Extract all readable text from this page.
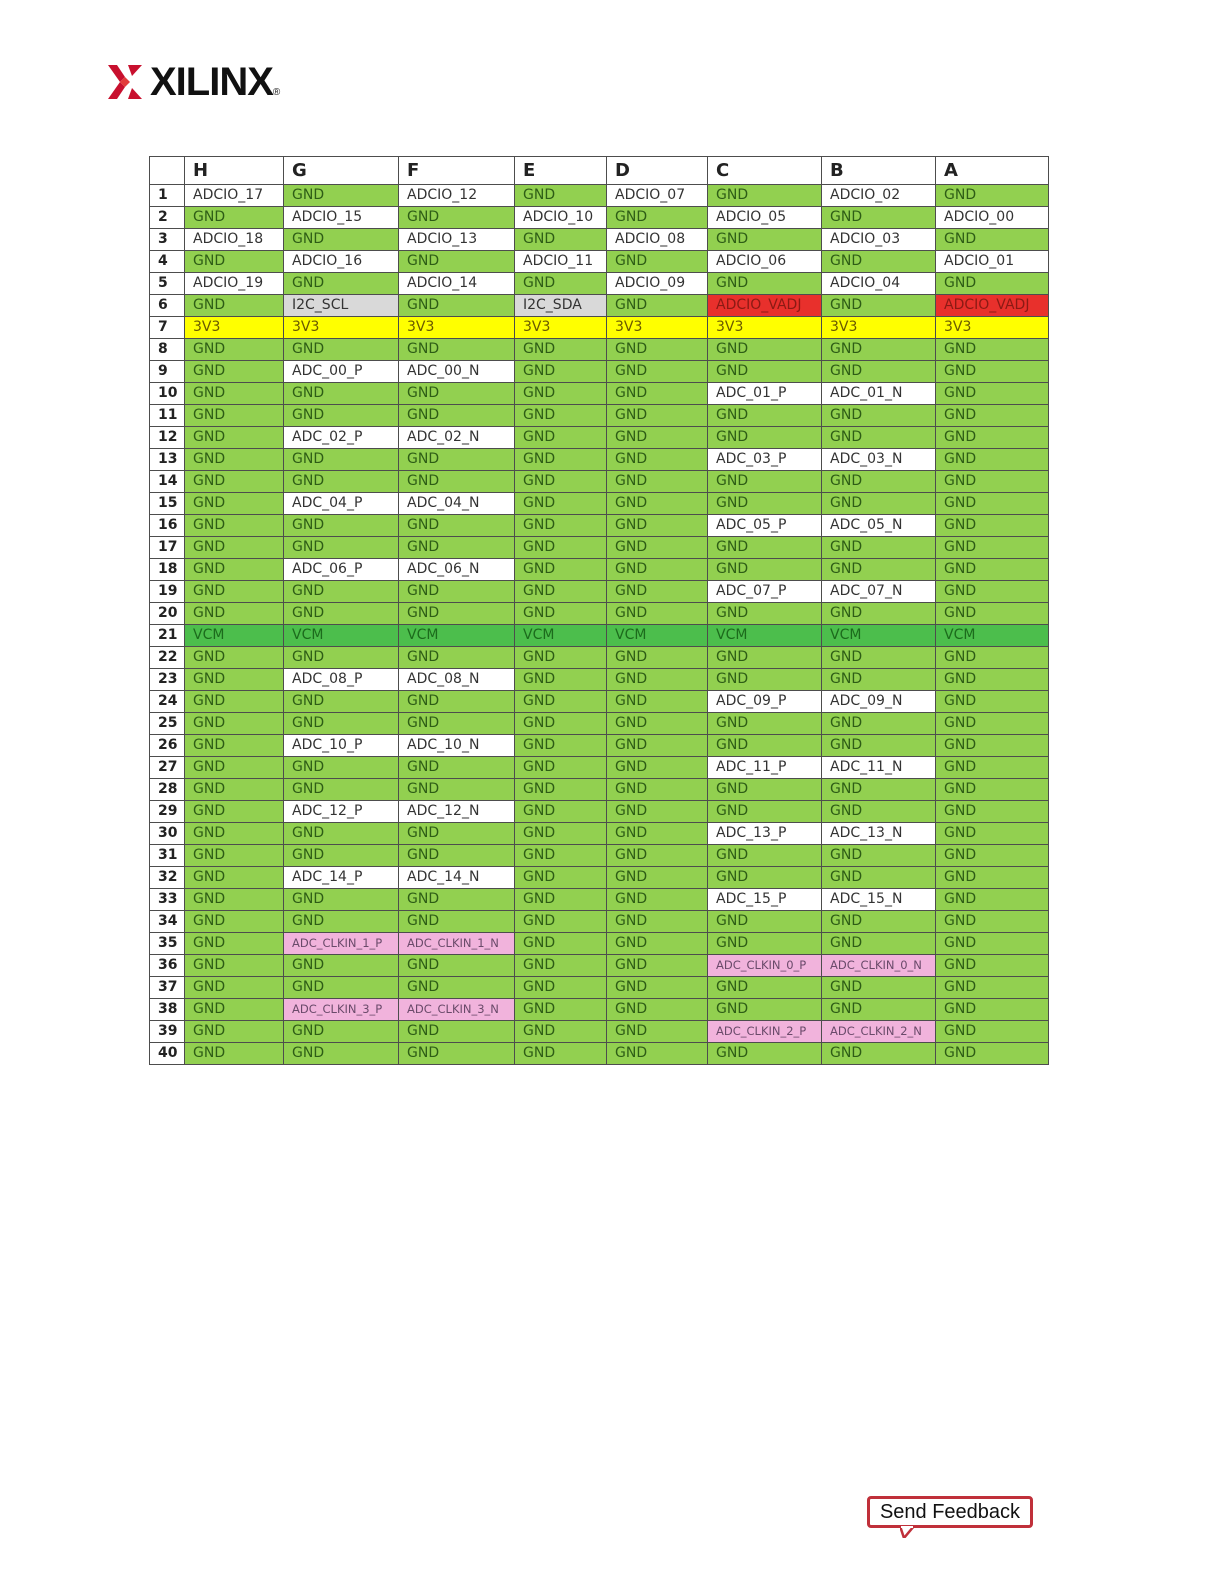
XILINX ®
	H	G	F	E	D	C	B	A
1	ADCIO_17	GND	ADCIO_12	GND	ADCIO_07	GND	ADCIO_02	GND
2	GND	ADCIO_15	GND	ADCIO_10	GND	ADCIO_05	GND	ADCIO_00
3	ADCIO_18	GND	ADCIO_13	GND	ADCIO_08	GND	ADCIO_03	GND
4	GND	ADCIO_16	GND	ADCIO_11	GND	ADCIO_06	GND	ADCIO_01
5	ADCIO_19	GND	ADCIO_14	GND	ADCIO_09	GND	ADCIO_04	GND
6	GND	I2C_SCL	GND	I2C_SDA	GND	ADCIO_VADJ	GND	ADCIO_VADJ
7	3V3	3V3	3V3	3V3	3V3	3V3	3V3	3V3
8	GND	GND	GND	GND	GND	GND	GND	GND
9	GND	ADC_00_P	ADC_00_N	GND	GND	GND	GND	GND
10	GND	GND	GND	GND	GND	ADC_01_P	ADC_01_N	GND
11	GND	GND	GND	GND	GND	GND	GND	GND
12	GND	ADC_02_P	ADC_02_N	GND	GND	GND	GND	GND
13	GND	GND	GND	GND	GND	ADC_03_P	ADC_03_N	GND
14	GND	GND	GND	GND	GND	GND	GND	GND
15	GND	ADC_04_P	ADC_04_N	GND	GND	GND	GND	GND
16	GND	GND	GND	GND	GND	ADC_05_P	ADC_05_N	GND
17	GND	GND	GND	GND	GND	GND	GND	GND
18	GND	ADC_06_P	ADC_06_N	GND	GND	GND	GND	GND
19	GND	GND	GND	GND	GND	ADC_07_P	ADC_07_N	GND
20	GND	GND	GND	GND	GND	GND	GND	GND
21	VCM	VCM	VCM	VCM	VCM	VCM	VCM	VCM
22	GND	GND	GND	GND	GND	GND	GND	GND
23	GND	ADC_08_P	ADC_08_N	GND	GND	GND	GND	GND
24	GND	GND	GND	GND	GND	ADC_09_P	ADC_09_N	GND
25	GND	GND	GND	GND	GND	GND	GND	GND
26	GND	ADC_10_P	ADC_10_N	GND	GND	GND	GND	GND
27	GND	GND	GND	GND	GND	ADC_11_P	ADC_11_N	GND
28	GND	GND	GND	GND	GND	GND	GND	GND
29	GND	ADC_12_P	ADC_12_N	GND	GND	GND	GND	GND
30	GND	GND	GND	GND	GND	ADC_13_P	ADC_13_N	GND
31	GND	GND	GND	GND	GND	GND	GND	GND
32	GND	ADC_14_P	ADC_14_N	GND	GND	GND	GND	GND
33	GND	GND	GND	GND	GND	ADC_15_P	ADC_15_N	GND
34	GND	GND	GND	GND	GND	GND	GND	GND
35	GND	ADC_CLKIN_1_P	ADC_CLKIN_1_N	GND	GND	GND	GND	GND
36	GND	GND	GND	GND	GND	ADC_CLKIN_0_P	ADC_CLKIN_0_N	GND
37	GND	GND	GND	GND	GND	GND	GND	GND
38	GND	ADC_CLKIN_3_P	ADC_CLKIN_3_N	GND	GND	GND	GND	GND
39	GND	GND	GND	GND	GND	ADC_CLKIN_2_P	ADC_CLKIN_2_N	GND
40	GND	GND	GND	GND	GND	GND	GND	GND
Send Feedback
